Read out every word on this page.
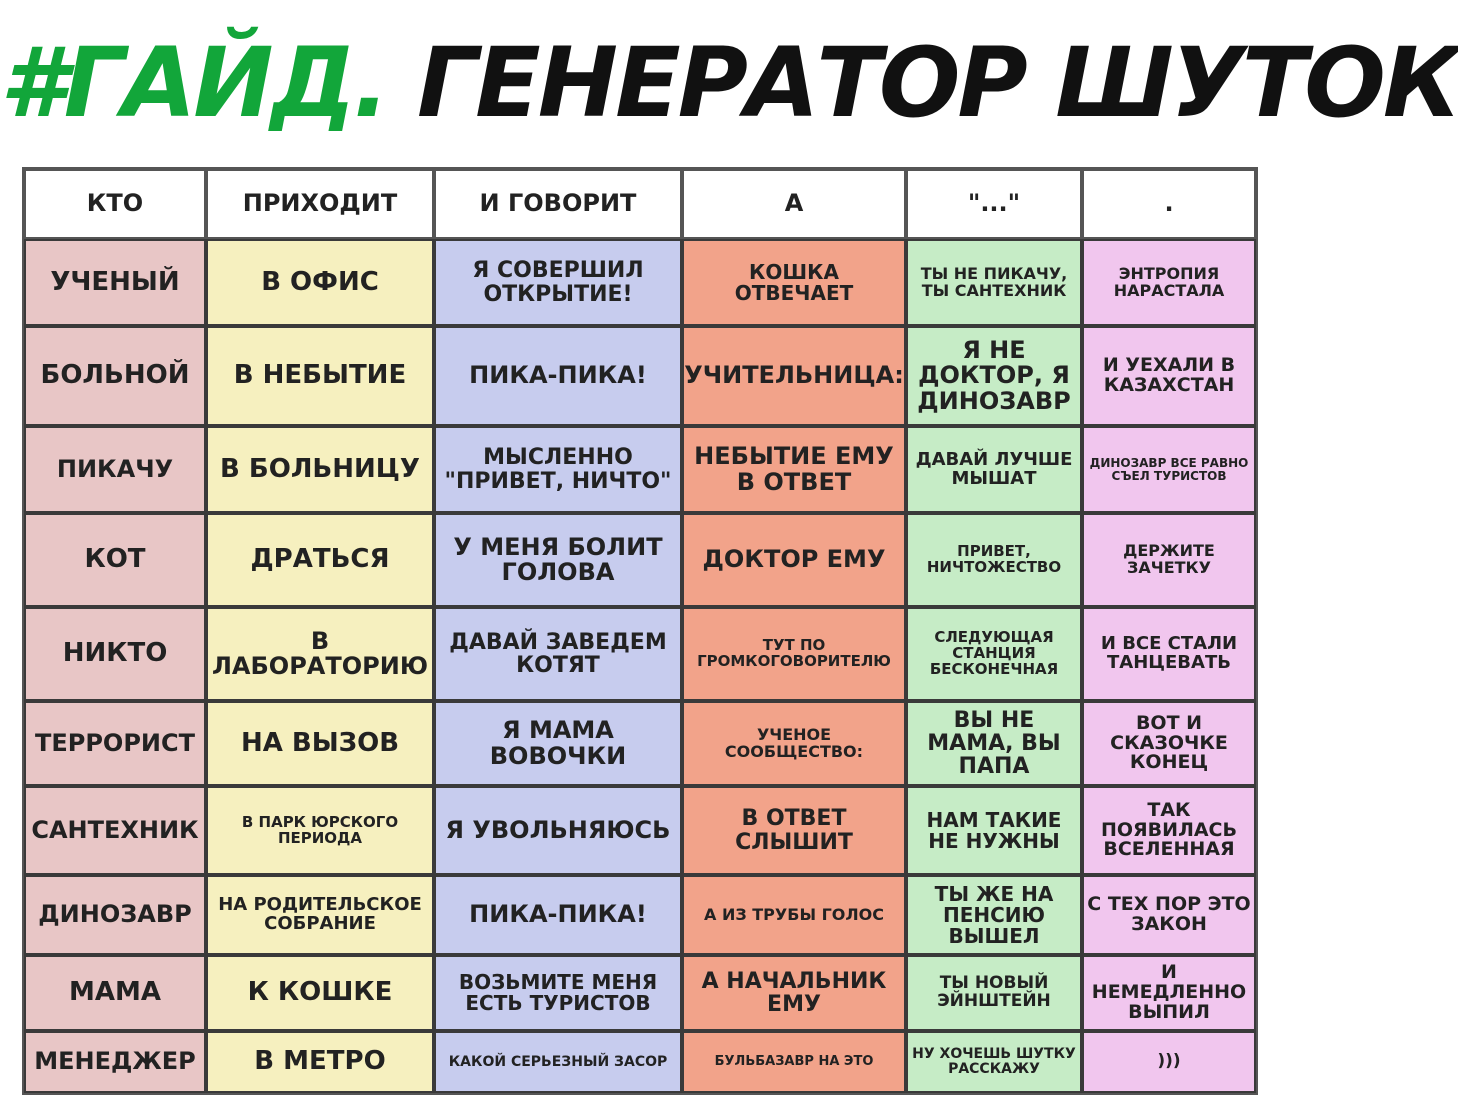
#ГАЙД. ГЕНЕРАТОР ШУТОК
КТО
УЧЕНЫЙ
БОЛЬНОЙ
ПИКАЧУ
КОТ
НИКТО
ТЕРРОРИСТ
САНТЕХНИК
ДИНОЗАВР
МАМА
МЕНЕДЖЕР
ПРИХОДИТ
В ОФИС
В НЕБЫТИЕ
В БОЛЬНИЦУ
ДРАТЬСЯ
В ЛАБОРАТОРИЮ
НА ВЫЗОВ
В ПАРК ЮРСКОГО ПЕРИОДА
НА РОДИТЕЛЬСКОЕ СОБРАНИЕ
К КОШКЕ
В МЕТРО
И ГОВОРИТ
Я СОВЕРШИЛ ОТКРЫТИЕ!
ПИКА-ПИКА!
МЫСЛЕННО "ПРИВЕТ, НИЧТО"
У МЕНЯ БОЛИТ ГОЛОВА
ДАВАЙ ЗАВЕДЕМ КОТЯТ
Я МАМА ВОВОЧКИ
Я УВОЛЬНЯЮСЬ
ПИКА-ПИКА!
ВОЗЬМИТЕ МЕНЯ ЕСТЬ ТУРИСТОВ
КАКОЙ СЕРЬЕЗНЫЙ ЗАСОР
А
КОШКА ОТВЕЧАЕТ
УЧИТЕЛЬНИЦА:
НЕБЫТИЕ ЕМУ В ОТВЕТ
ДОКТОР ЕМУ
ТУТ ПО ГРОМКОГОВОРИТЕЛЮ
УЧЕНОЕ СООБЩЕСТВО:
В ОТВЕТ СЛЫШИТ
А ИЗ ТРУБЫ ГОЛОС
А НАЧАЛЬНИК ЕМУ
БУЛЬБАЗАВР НА ЭТО
"..."
ТЫ НЕ ПИКАЧУ, ТЫ САНТЕХНИК
Я НЕ ДОКТОР, Я ДИНОЗАВР
ДАВАЙ ЛУЧШЕ МЫШАТ
ПРИВЕТ, НИЧТОЖЕСТВО
СЛЕДУЮЩАЯ СТАНЦИЯ БЕСКОНЕЧНАЯ
ВЫ НЕ МАМА, ВЫ ПАПА
НАМ ТАКИЕ НЕ НУЖНЫ
ТЫ ЖЕ НА ПЕНСИЮ ВЫШЕЛ
ТЫ НОВЫЙ ЭЙНШТЕЙН
НУ ХОЧЕШЬ ШУТКУ РАССКАЖУ
.
ЭНТРОПИЯ НАРАСТАЛА
И УЕХАЛИ В КАЗАХСТАН
ДИНОЗАВР ВСЕ РАВНО СЪЕЛ ТУРИСТОВ
ДЕРЖИТЕ ЗАЧЕТКУ
И ВСЕ СТАЛИ ТАНЦЕВАТЬ
ВОТ И СКАЗОЧКЕ КОНЕЦ
ТАК ПОЯВИЛАСЬ ВСЕЛЕННАЯ
С ТЕХ ПОР ЭТО ЗАКОН
И НЕМЕДЛЕННО ВЫПИЛ
)))
